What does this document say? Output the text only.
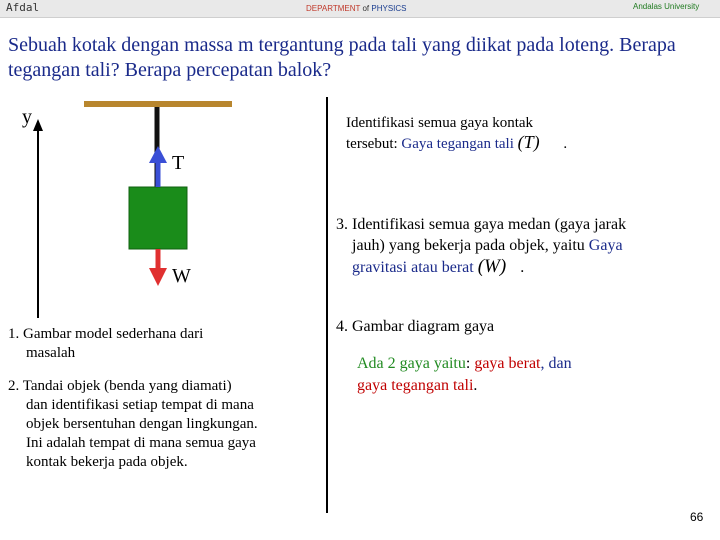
Afdal	DEPARTMENT of PHYSICS	Andalas University
Sebuah kotak dengan massa m tergantung pada tali yang diikat pada loteng. Berapa tegangan tali? Berapa percepatan balok?
y
T
W
1. Gambar model sederhana dari
masalah
2. Tandai objek (benda yang diamati)
dan identifikasi setiap tempat di mana
objek bersentuhan dengan lingkungan.
Ini adalah tempat di mana semua gaya
kontak bekerja pada objek.
Identifikasi semua gaya kontak
tersebut: Gaya tegangan tali (T) .
3. Identifikasi semua gaya medan (gaya jarak
jauh) yang bekerja pada objek, yaitu Gaya
gravitasi atau berat (W) .
4. Gambar diagram gaya
Ada 2 gaya yaitu: gaya berat, dan
gaya tegangan tali.
66
